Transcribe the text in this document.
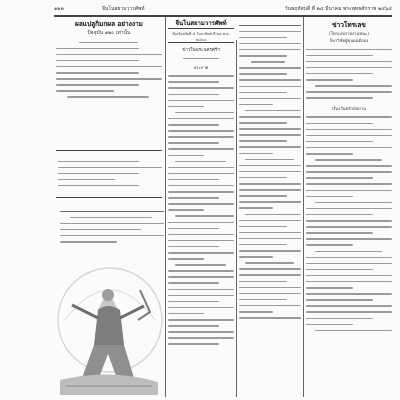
๑๒๒	จีนโนสยามวารศัพท์	วันพฤหัสบดี ที่ ๒๔ มีนาคม พระพุทธศักราช ๒๔๖๔
ผลแปลูกิมกผล อย่างงาม
ปัจจุบัน ๑๒๐ เท่านั้น
จีนโนสยามวารศัพท์
ชื่อเชิงสมัยที่ ๕ วันอาทิตย์ ที่ ๒๔ พ.ศ. ๒๔๖๔
ข่าวในพระนครศรีฯ
ประกาศ
ข่าวโทรเลข
(โทรเลขรายงานชนะ)
ก็ดาวิชัยผู้ขุนยนต์สอง
เรื่องวันตรักษ์สถาน
